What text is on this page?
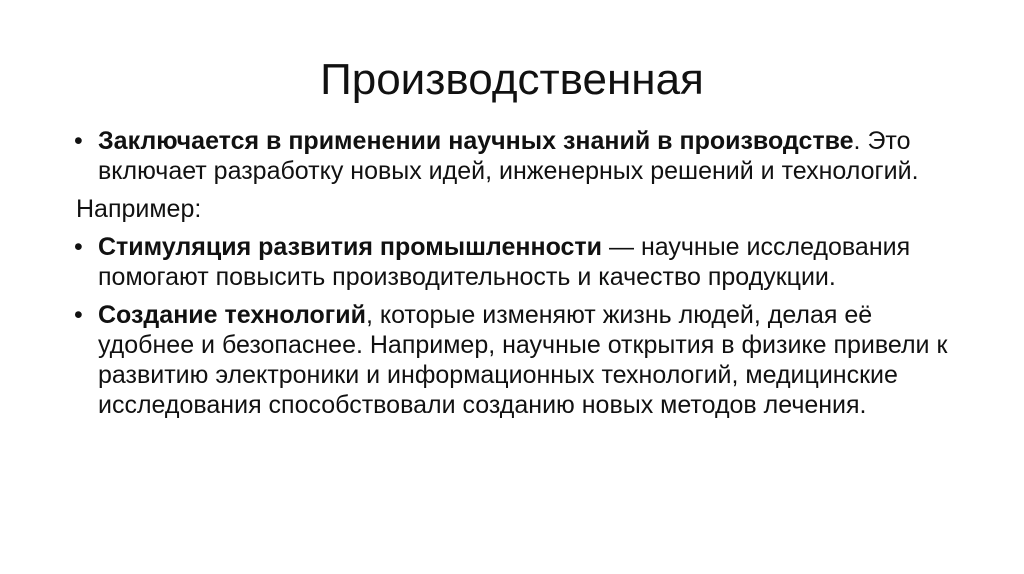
Производственная
• Заключается в применении научных знаний в производстве. Это включает разработку новых идей, инженерных решений и технологий.
Например:
• Стимуляция развития промышленности — научные исследования помогают повысить производительность и качество продукции.
• Создание технологий, которые изменяют жизнь людей, делая её удобнее и безопаснее. Например, научные открытия в физике привели к развитию электроники и информационных технологий, медицинские исследования способствовали созданию новых методов лечения.
